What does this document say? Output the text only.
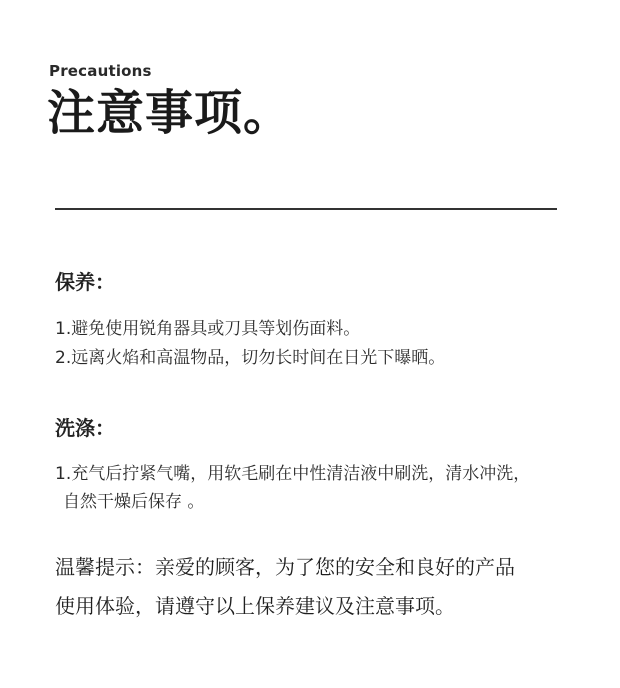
Precautions
注意事项。
保养：
1.避免使用锐角器具或刀具等划伤面料。
2.远离火焰和高温物品，切勿长时间在日光下曝晒。
洗涤：
1.充气后拧紧气嘴，用软毛刷在中性清洁液中刷洗，清水冲洗，
自然干燥后保存 。
温馨提示：亲爱的顾客，为了您的安全和良好的产品
使用体验，请遵守以上保养建议及注意事项。
